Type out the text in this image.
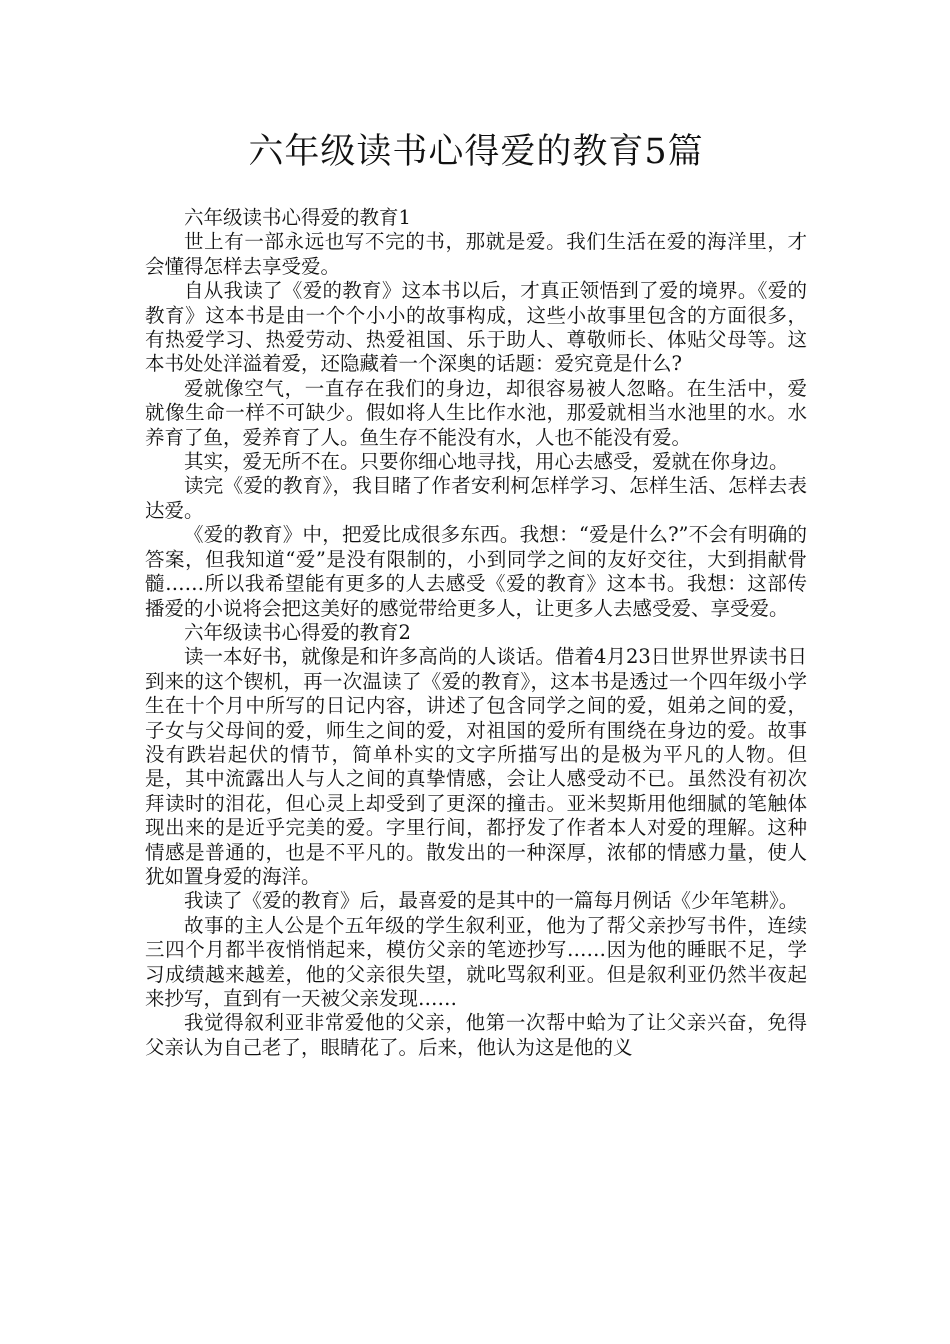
六年级读书心得爱的教育5篇

六年级读书心得爱的教育1

世上有一部永远也写不完的书，那就是爱。我们生活在爱的海洋里，才会懂得怎样去享受爱。

自从我读了《爱的教育》这本书以后，才真正领悟到了爱的境界。《爱的教育》这本书是由一个个小小的故事构成，这些小故事里包含的方面很多，有热爱学习、热爱劳动、热爱祖国、乐于助人、尊敬师长、体贴父母等。这本书处处洋溢着爱，还隐藏着一个深奥的话题：爱究竟是什么?

爱就像空气，一直存在我们的身边，却很容易被人忽略。在生活中，爱就像生命一样不可缺少。假如将人生比作水池，那爱就相当水池里的水。水养育了鱼，爱养育了人。鱼生存不能没有水，人也不能没有爱。

其实，爱无所不在。只要你细心地寻找，用心去感受，爱就在你身边。

读完《爱的教育》，我目睹了作者安利柯怎样学习、怎样生活、怎样去表达爱。

《爱的教育》中，把爱比成很多东西。我想：“爱是什么?”不会有明确的答案，但我知道“爱”是没有限制的，小到同学之间的友好交往，大到捐献骨髓……所以我希望能有更多的人去感受《爱的教育》这本书。我想：这部传播爱的小说将会把这美好的感觉带给更多人，让更多人去感受爱、享受爱。

六年级读书心得爱的教育2

读一本好书，就像是和许多高尚的人谈话。借着4月23日世界世界读书日到来的这个锲机，再一次温读了《爱的教育》，这本书是透过一个四年级小学生在十个月中所写的日记内容，讲述了包含同学之间的爱，姐弟之间的爱，子女与父母间的爱，师生之间的爱，对祖国的爱所有围绕在身边的爱。故事没有跌岩起伏的情节，简单朴实的文字所描写出的是极为平凡的人物。但是，其中流露出人与人之间的真挚情感，会让人感受动不已。虽然没有初次拜读时的泪花，但心灵上却受到了更深的撞击。亚米契斯用他细腻的笔触体现出来的是近乎完美的爱。字里行间，都抒发了作者本人对爱的理解。这种情感是普通的，也是不平凡的。散发出的一种深厚，浓郁的情感力量，使人犹如置身爱的海洋。

我读了《爱的教育》后，最喜爱的是其中的一篇每月例话《少年笔耕》。

故事的主人公是个五年级的学生叙利亚，他为了帮父亲抄写书件，连续三四个月都半夜悄悄起来，模仿父亲的笔迹抄写……因为他的睡眠不足，学习成绩越来越差，他的父亲很失望，就叱骂叙利亚。但是叙利亚仍然半夜起来抄写，直到有一天被父亲发现……

我觉得叙利亚非常爱他的父亲，他第一次帮中蛤为了让父亲兴奋，免得父亲认为自己老了，眼睛花了。后来，他认为这是他的义
